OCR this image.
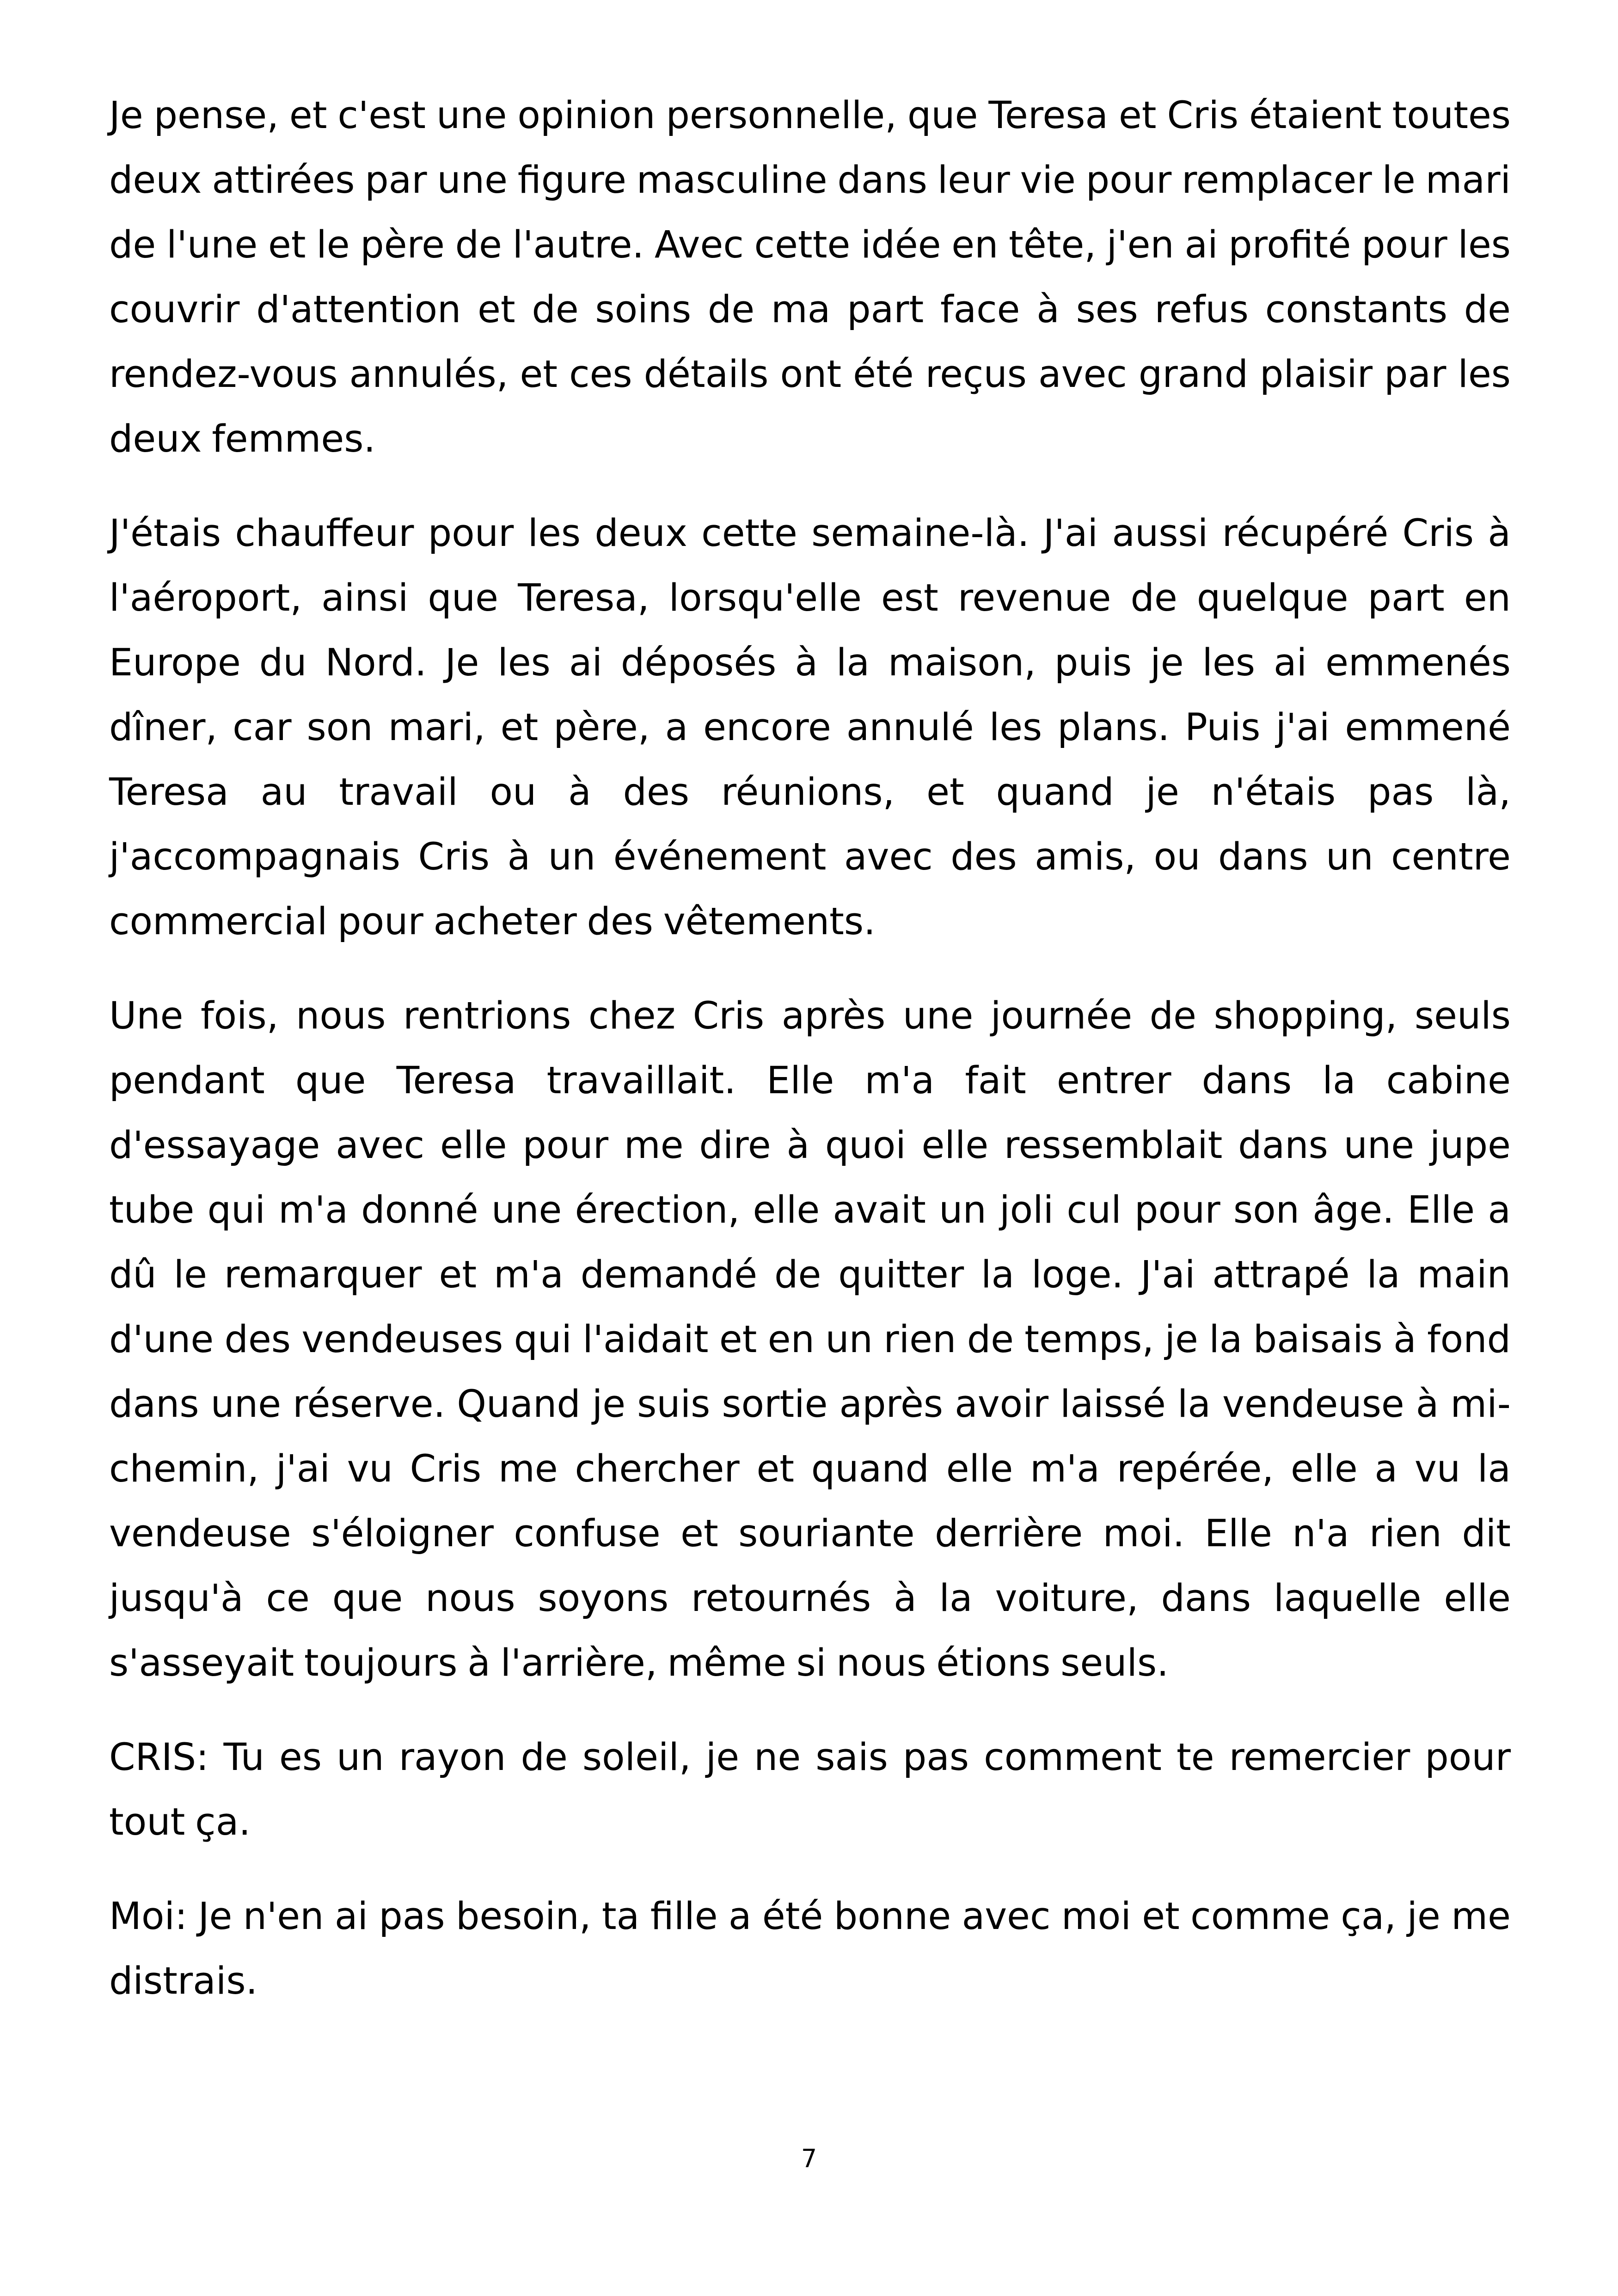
Je pense, et c'est une opinion personnelle, que Teresa et Cris étaient toutes deux attirées par une figure masculine dans leur vie pour remplacer le mari de l'une et le père de l'autre. Avec cette idée en tête, j'en ai profité pour les couvrir d'attention et de soins de ma part face à ses refus constants de rendez-vous annulés, et ces détails ont été reçus avec grand plaisir par les deux femmes.

J'étais chauffeur pour les deux cette semaine-là. J'ai aussi récupéré Cris à l'aéroport, ainsi que Teresa, lorsqu'elle est revenue de quelque part en Europe du Nord. Je les ai déposés à la maison, puis je les ai emmenés dîner, car son mari, et père, a encore annulé les plans. Puis j'ai emmené Teresa au travail ou à des réunions, et quand je n'étais pas là, j'accompagnais Cris à un événement avec des amis, ou dans un centre commercial pour acheter des vêtements.

Une fois, nous rentrions chez Cris après une journée de shopping, seuls pendant que Teresa travaillait. Elle m'a fait entrer dans la cabine d'essayage avec elle pour me dire à quoi elle ressemblait dans une jupe tube qui m'a donné une érection, elle avait un joli cul pour son âge. Elle a dû le remarquer et m'a demandé de quitter la loge. J'ai attrapé la main d'une des vendeuses qui l'aidait et en un rien de temps, je la baisais à fond dans une réserve. Quand je suis sortie après avoir laissé la vendeuse à mi-chemin, j'ai vu Cris me chercher et quand elle m'a repérée, elle a vu la vendeuse s'éloigner confuse et souriante derrière moi. Elle n'a rien dit jusqu'à ce que nous soyons retournés à la voiture, dans laquelle elle s'asseyait toujours à l'arrière, même si nous étions seuls.

CRIS: Tu es un rayon de soleil, je ne sais pas comment te remercier pour tout ça.

Moi: Je n'en ai pas besoin, ta fille a été bonne avec moi et comme ça, je me distrais.

7
